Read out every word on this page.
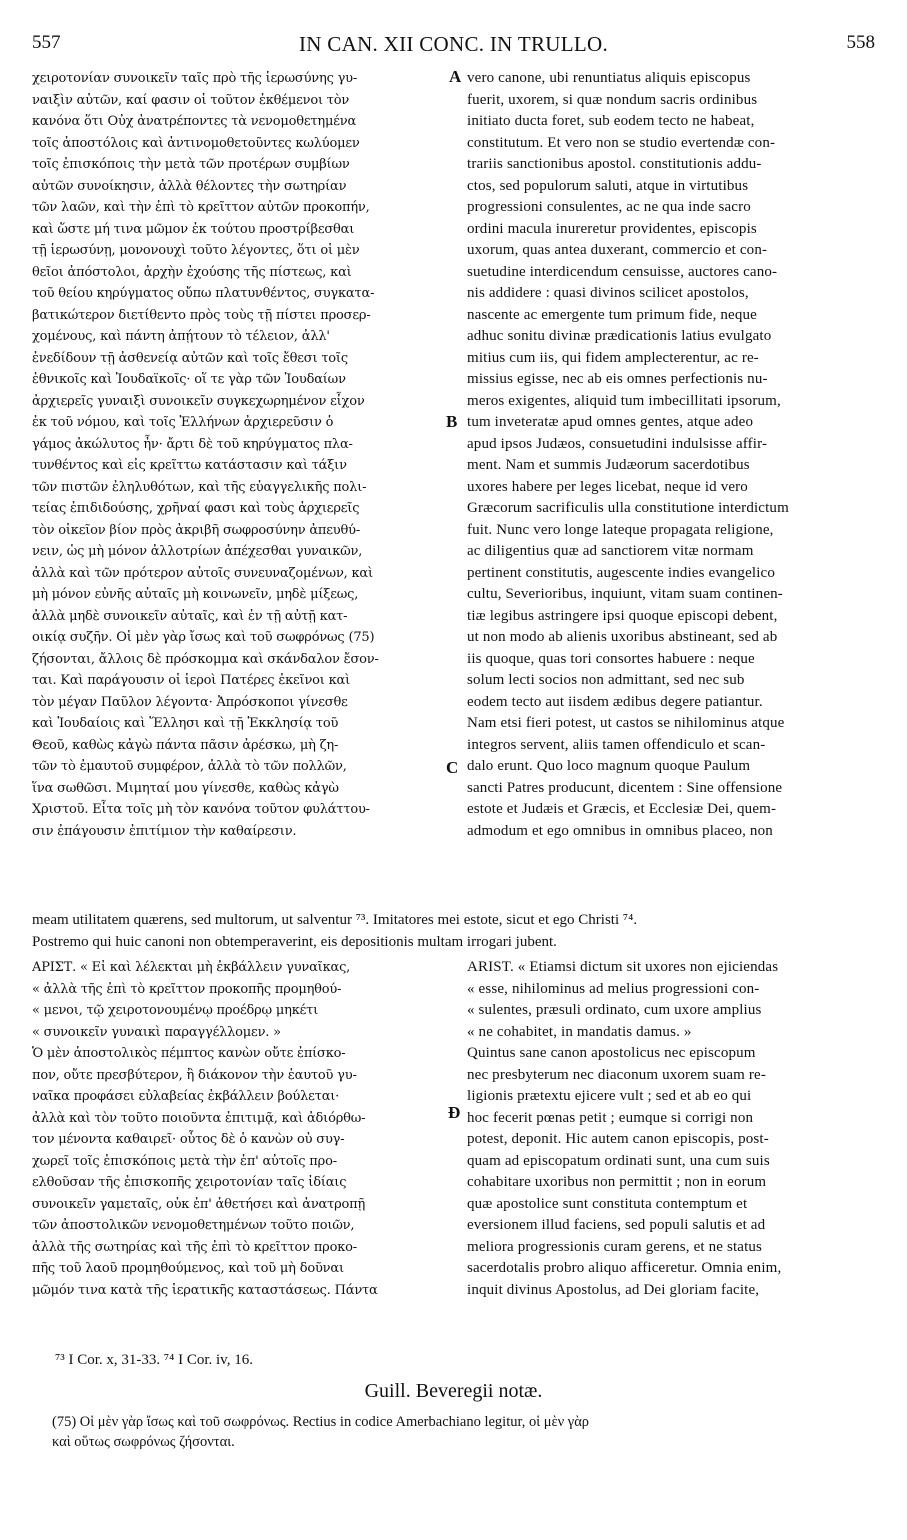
557	IN CAN. XII CONC. IN TRULLO.	558
χειροτονίαν συνοικεῖν ταῖς πρὸ τῆς ἱερωσύνης γυ-
ναιξὶν αὐτῶν, καί φασιν οἱ τοῦτον ἐκθέμενοι τὸν
κανόνα ὅτι Οὐχ ἀνατρέποντες τὰ νενομοθετημένα
τοῖς ἀποστόλοις καὶ ἀντινομοθετοῦντες κωλύομεν
τοῖς ἐπισκόποις τὴν μετὰ τῶν προτέρων συμβίων
αὐτῶν συνοίκησιν, ἀλλὰ θέλοντες τὴν σωτηρίαν
τῶν λαῶν, καὶ τὴν ἐπὶ τὸ κρεῖττον αὐτῶν προκοπήν,
καὶ ὥστε μή τινα μῶμον ἐκ τούτου προστρίβεσθαι
τῇ ἱερωσύνῃ, μονονουχὶ τοῦτο λέγοντες, ὅτι οἱ μὲν
θεῖοι ἀπόστολοι, ἀρχὴν ἐχούσης τῆς πίστεως, καὶ
τοῦ θείου κηρύγματος οὔπω πλατυνθέντος, συγκατα-
βατικώτερον διετίθεντο πρὸς τοὺς τῇ πίστει προσερ-
χομένους, καὶ πάντη ἀπῄτουν τὸ τέλειον, ἀλλ'
ἐνεδίδουν τῇ ἀσθενείᾳ αὐτῶν καὶ τοῖς ἔθεσι τοῖς
ἐθνικοῖς καὶ Ἰουδαϊκοῖς· οἵ τε γὰρ τῶν Ἰουδαίων
ἀρχιερεῖς γυναιξὶ συνοικεῖν συγκεχωρημένον εἶχον
ἐκ τοῦ νόμου, καὶ τοῖς Ἑλλήνων ἀρχιερεῦσιν ὁ
γάμος ἀκώλυτος ἦν· ἄρτι δὲ τοῦ κηρύγματος πλα-
τυνθέντος καὶ εἰς κρεῖττω κατάστασιν καὶ τάξιν
τῶν πιστῶν ἐληλυθότων, καὶ τῆς εὐαγγελικῆς πολι-
τείας ἐπιδιδούσης, χρῆναί φασι καὶ τοὺς ἀρχιερεῖς
τὸν οἰκεῖον βίον πρὸς ἀκριβῆ σωφροσύνην ἀπευθύ-
νειν, ὡς μὴ μόνον ἀλλοτρίων ἀπέχεσθαι γυναικῶν,
ἀλλὰ καὶ τῶν πρότερον αὐτοῖς συνευναζομένων, καὶ
μὴ μόνον εὐνῆς αὐταῖς μὴ κοινωνεῖν, μηδὲ μίξεως,
ἀλλὰ μηδὲ συνοικεῖν αὐταῖς, καὶ ἐν τῇ αὐτῇ κατ-
οικίᾳ συζῆν. Οἱ μὲν γὰρ ἴσως καὶ τοῦ σωφρόνως (75)
ζήσονται, ἄλλοις δὲ πρόσκομμα καὶ σκάνδαλον ἔσον-
ται. Καὶ παράγουσιν οἱ ἱεροὶ Πατέρες ἐκεῖνοι καὶ
τὸν μέγαν Παῦλον λέγοντα· Ἀπρόσκοποι γίνεσθε
καὶ Ἰουδαίοις καὶ Ἕλλησι καὶ τῇ Ἐκκλησίᾳ τοῦ
Θεοῦ, καθὼς κἀγὼ πάντα πᾶσιν ἀρέσκω, μὴ ζη-
τῶν τὸ ἐμαυτοῦ συμφέρον, ἀλλὰ τὸ τῶν πολλῶν,
ἵνα σωθῶσι. Μιμηταί μου γίνεσθε, καθὼς κἀγὼ
Χριστοῦ. Εἶτα τοῖς μὴ τὸν κανόνα τοῦτον φυλάττου-
σιν ἐπάγουσιν ἐπιτίμιον τὴν καθαίρεσιν.
vero canone, ubi renuntiatus aliquis episcopus
fuerit, uxorem, si quæ nondum sacris ordinibus
initiato ducta foret, sub eodem tecto ne habeat,
constitutum. Et vero non se studio evertendæ con-
trariis sanctionibus apostol. constitutionis addu-
ctos, sed populorum saluti, atque in virtutibus
progressioni consulentes, ac ne qua inde sacro
ordini macula inureretur providentes, episcopis
uxorum, quas antea duxerant, commercio et con-
suetudine interdicendum censuisse, auctores cano-
nis addidere : quasi divinos scilicet apostolos,
nascente ac emergente tum primum fide, neque
adhuc sonitu divinæ prædicationis latius evulgato
mitius cum iis, qui fidem amplecterentur, ac re-
missius egisse, nec ab eis omnes perfectionis nu-
meros exigentes, aliquid tum imbecillitati ipsorum,
tum inveteratæ apud omnes gentes, atque adeo
apud ipsos Judæos, consuetudini indulsisse affir-
ment. Nam et summis Judæorum sacerdotibus
uxores habere per leges licebat, neque id vero
Græcorum sacrificulis ulla constitutione interdictum
fuit. Nunc vero longe lateque propagata religione,
ac diligentius quæ ad sanctiorem vitæ normam
pertinent constitutis, augescente indies evangelico
cultu, Severioribus, inquiunt, vitam suam continen-
tiæ legibus astringere ipsi quoque episcopi debent,
ut non modo ab alienis uxoribus abstineant, sed ab
iis quoque, quas tori consortes habuere : neque
solum lecti socios non admittant, sed nec sub
eodem tecto aut iisdem ædibus degere patiantur.
Nam etsi fieri potest, ut castos se nihilominus atque
integros servent, aliis tamen offendiculo et scan-
dalo erunt. Quo loco magnum quoque Paulum
sancti Patres producunt, dicentem : Sine offensione
estote et Judæis et Græcis, et Ecclesiæ Dei, quem-
admodum et ego omnibus in omnibus placeo, non
A
B
C
Ð
meam utilitatem quærens, sed multorum, ut salventur ⁷³. Imitatores mei estote, sicut et ego Christi ⁷⁴.
Postremo qui huic canoni non obtemperaverint, eis depositionis multam irrogari jubent.
ΑΡΙΣΤ. « Εἰ καὶ λέλεκται μὴ ἐκβάλλειν γυναῖκας,
« ἀλλὰ τῆς ἐπὶ τὸ κρεῖττον προκοπῆς προμηθού-
« μενοι, τῷ χειροτονουμένῳ προέδρῳ μηκέτι
« συνοικεῖν γυναικὶ παραγγέλλομεν. »
Ὁ μὲν ἀποστολικὸς πέμπτος κανὼν οὔτε ἐπίσκο-
πον, οὔτε πρεσβύτερον, ἢ διάκονον τὴν ἑαυτοῦ γυ-
ναῖκα προφάσει εὐλαβείας ἐκβάλλειν βούλεται·
ἀλλὰ καὶ τὸν τοῦτο ποιοῦντα ἐπιτιμᾷ, καὶ ἀδιόρθω-
τον μένοντα καθαιρεῖ· οὗτος δὲ ὁ κανὼν οὐ συγ-
χωρεῖ τοῖς ἐπισκόποις μετὰ τὴν ἐπ' αὐτοῖς προ-
ελθοῦσαν τῆς ἐπισκοπῆς χειροτονίαν ταῖς ἰδίαις
συνοικεῖν γαμεταῖς, οὐκ ἐπ' ἀθετήσει καὶ ἀνατροπῇ
τῶν ἀποστολικῶν νενομοθετημένων τοῦτο ποιῶν,
ἀλλὰ τῆς σωτηρίας καὶ τῆς ἐπὶ τὸ κρεῖττον προκο-
πῆς τοῦ λαοῦ προμηθούμενος, καὶ τοῦ μὴ δοῦναι
μῶμόν τινα κατὰ τῆς ἱερατικῆς καταστάσεως. Πάντα
ARIST. « Etiamsi dictum sit uxores non ejiciendas
« esse, nihilominus ad melius progressioni con-
« sulentes, præsuli ordinato, cum uxore amplius
« ne cohabitet, in mandatis damus. »
Quintus sane canon apostolicus nec episcopum
nec presbyterum nec diaconum uxorem suam re-
ligionis prætextu ejicere vult ; sed et ab eo qui
hoc fecerit pœnas petit ; eumque si corrigi non
potest, deponit. Hic autem canon episcopis, post-
quam ad episcopatum ordinati sunt, una cum suis
cohabitare uxoribus non permittit ; non in eorum
quæ apostolice sunt constituta contemptum et
eversionem illud faciens, sed populi salutis et ad
meliora progressionis curam gerens, et ne status
sacerdotalis probro aliquo afficeretur. Omnia enim,
inquit divinus Apostolus, ad Dei gloriam facite,
⁷³ I Cor. x, 31-33. ⁷⁴ I Cor. iv, 16.
Guill. Beveregii notæ.
(75) Οἱ μὲν γὰρ ἴσως καὶ τοῦ σωφρόνως. Rectius in codice Amerbachiano legitur, οἱ μὲν γὰρ
καὶ οὕτως σωφρόνως ζήσονται.
